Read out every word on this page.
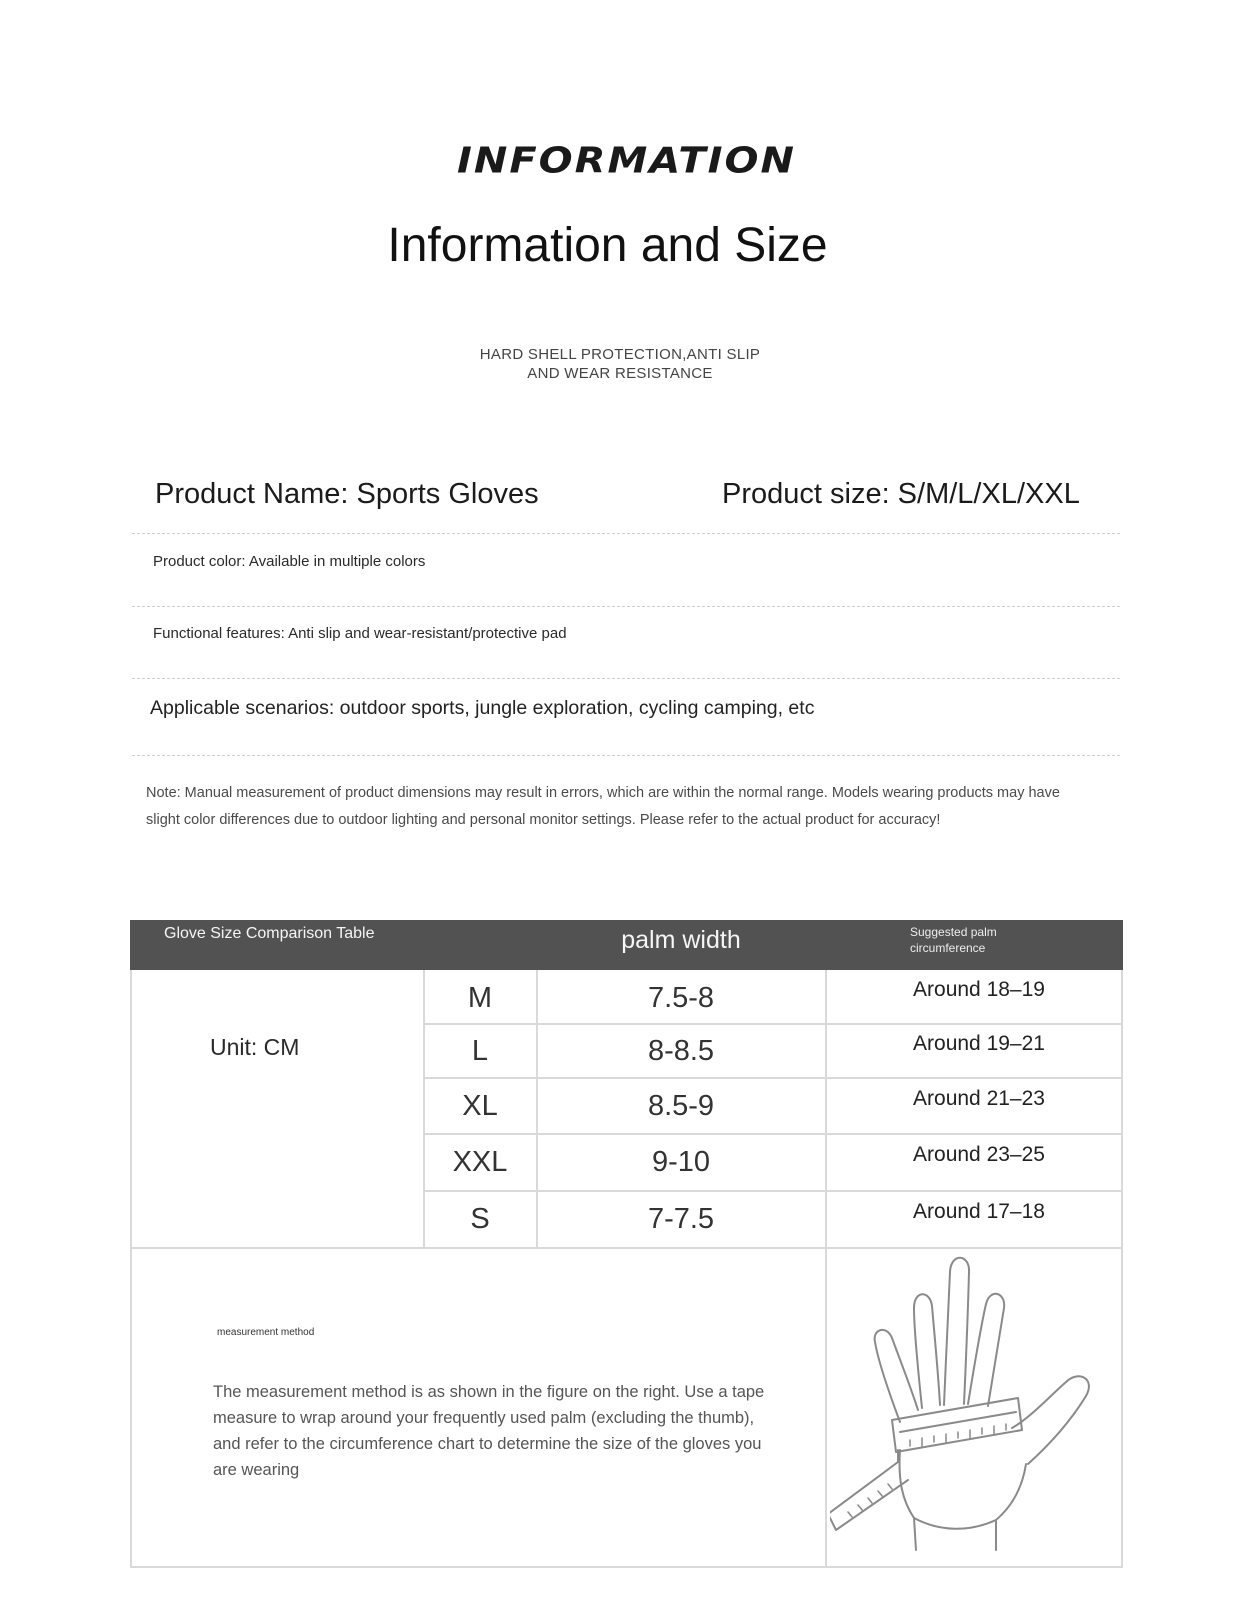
INFORMATION
Information and Size
HARD SHELL PROTECTION,ANTI SLIP
AND WEAR RESISTANCE
Product Name: Sports Gloves	Product size: S/M/L/XL/XXL
Product color: Available in multiple colors
Functional features: Anti slip and wear-resistant/protective pad
Applicable scenarios: outdoor sports, jungle exploration, cycling camping, etc
Note: Manual measurement of product dimensions may result in errors, which are within the normal range. Models wearing products may have slight color differences due to outdoor lighting and personal monitor settings. Please refer to the actual product for accuracy!
Glove Size Comparison Table	palm width	Suggested palm
circumference
Unit: CM
M	7.5-8	Around 18–19
L	8-8.5	Around 19–21
XL	8.5-9	Around 21–23
XXL	9-10	Around 23–25
S	7-7.5	Around 17–18
measurement method
The measurement method is as shown in the figure on the right. Use a tape measure to wrap around your frequently used palm (excluding the thumb), and refer to the circumference chart to determine the size of the gloves you are wearing
